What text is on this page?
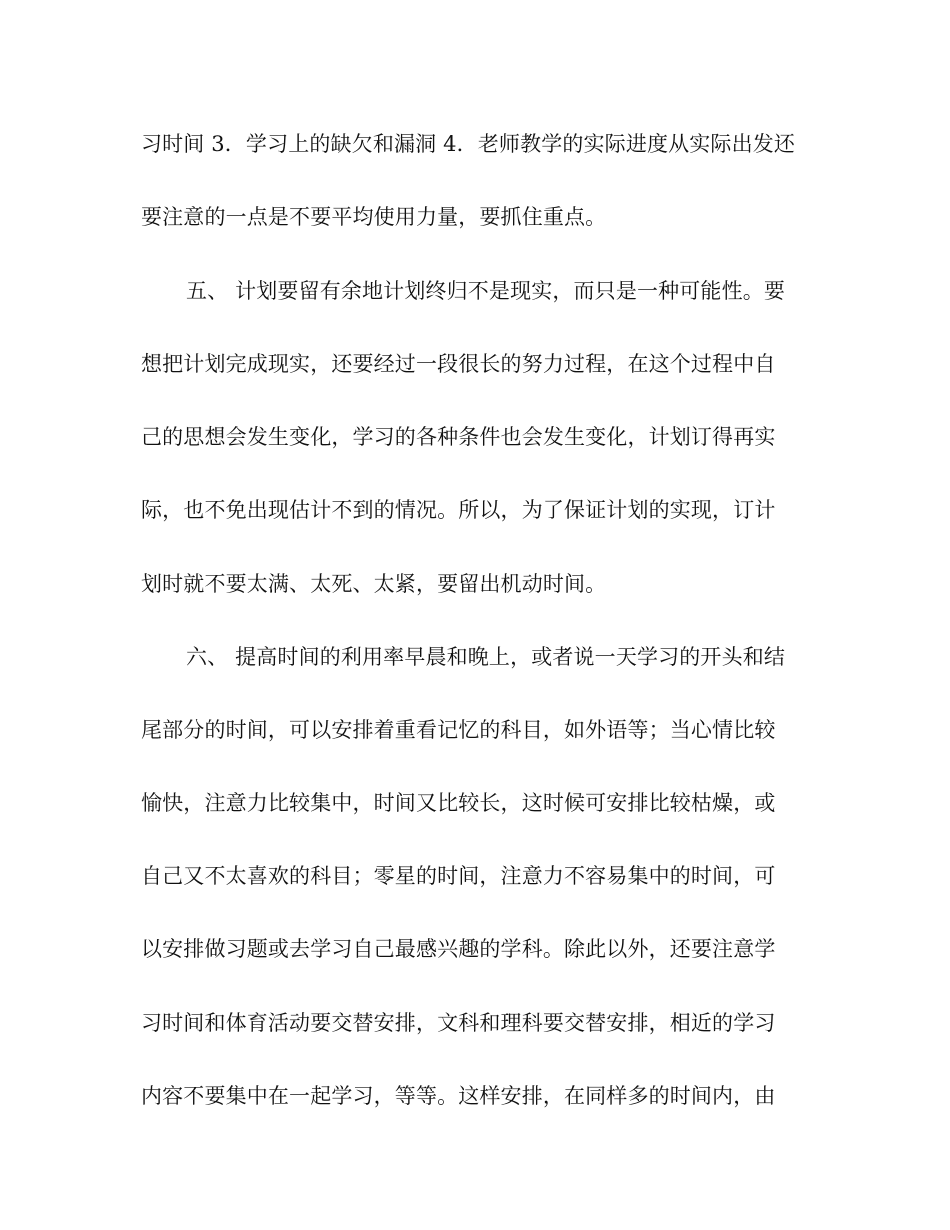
习时间 3．学习上的缺欠和漏洞 4．老师教学的实际进度从实际出发还
要注意的一点是不要平均使用力量，要抓住重点。
五、 计划要留有余地计划终归不是现实，而只是一种可能性。要
想把计划完成现实，还要经过一段很长的努力过程，在这个过程中自
己的思想会发生变化，学习的各种条件也会发生变化，计划订得再实
际，也不免出现估计不到的情况。所以，为了保证计划的实现，订计
划时就不要太满、太死、太紧，要留出机动时间。
六、 提高时间的利用率早晨和晚上，或者说一天学习的开头和结
尾部分的时间，可以安排着重看记忆的科目，如外语等；当心情比较
愉快，注意力比较集中，时间又比较长，这时候可安排比较枯燥，或
自己又不太喜欢的科目；零星的时间，注意力不容易集中的时间，可
以安排做习题或去学习自己最感兴趣的学科。除此以外，还要注意学
习时间和体育活动要交替安排，文科和理科要交替安排，相近的学习
内容不要集中在一起学习，等等。这样安排，在同样多的时间内，由
